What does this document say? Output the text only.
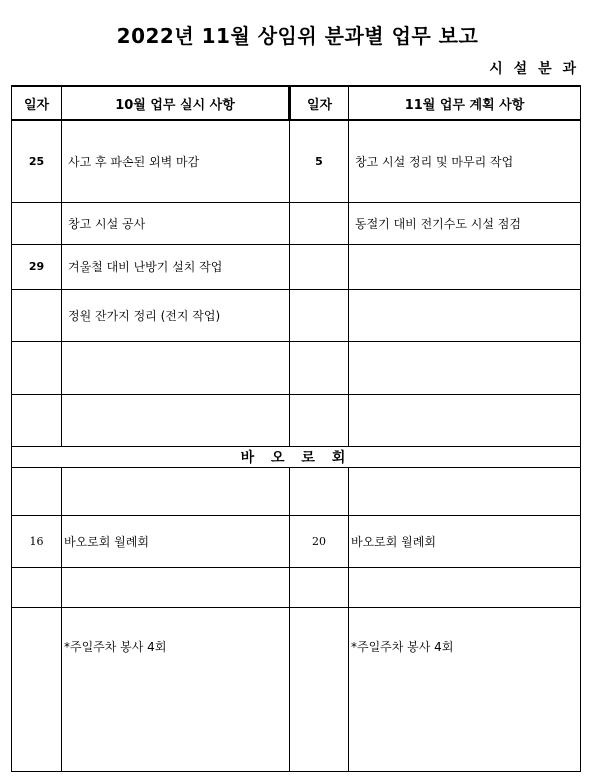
2022년 11월 상임위 분과별 업무 보고
시 설 분 과
일자	10월 업무 실시 사항	일자	11월 업무 계획 사항
25	사고 후 파손된 외벽 마감	5	창고 시설 정리 및 마무리 작업
	창고 시설 공사		동절기 대비 전기수도 시설 점검
29	겨울철 대비 난방기 설치 작업		
	정원 잔가지 정리 (전지 작업)		

바 오 로 회			

16	바오로회 월례회	20	바오로회 월례회

	*주일주차 봉사 4회		*주일주차 봉사 4회
